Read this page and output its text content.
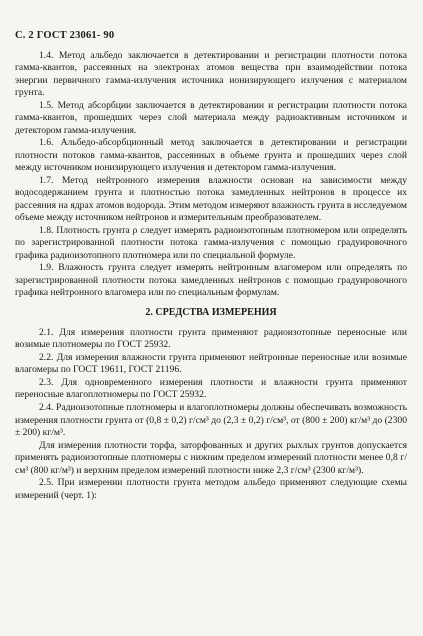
С. 2 ГОСТ 23061- 90

1.4. Метод альбедо заключается в детектировании и регистрации плотности потока гамма-квантов, рассеянных на электронах атомов вещества при взаимодействии потока энергии первичного гамма-излучения источника ионизирующего излучения с материалом грунта.

1.5. Метод абсорбции заключается в детектировании и регистрации плотности потока гамма-квантов, прошедших через слой материала между радиоактивным источником и детектором гамма-излучения.

1.6. Альбедо-абсорбционный метод заключается в детектировании и регистрации плотности потоков гамма-квантов, рассеянных в объеме грунта и прошедших через слой между источником ионизирующего излучения и детектором гамма-излучения.

1.7. Метод нейтронного измерения влажности основан на зависимости между водосодержанием грунта и плотностью потока замедленных нейтронов в процессе их рассеяния на ядрах атомов водорода. Этим методом измеряют влажность грунта в исследуемом объеме между источником нейтронов и измерительным преобразователем.

1.8. Плотность грунта ρ следует измерять радиоизотопным плотномером или определять по зарегистрированной плотности потока гамма-излучения с помощью градуировочного графика радиоизотопного плотномера или по специальной формуле.

1.9. Влажность грунта следует измерять нейтронным влагомером или определять по зарегистрированной плотности потока замедленных нейтронов с помощью градуировочного графика нейтронного влагомера или по специальным формулам.

2. СРЕДСТВА ИЗМЕРЕНИЯ

2.1. Для измерения плотности грунта применяют радиоизотопные переносные или возимые плотномеры по ГОСТ 25932.

2.2. Для измерения влажности грунта применяют нейтронные переносные или возимые влагомеры по ГОСТ 19611, ГОСТ 21196.

2.3. Для одновременного измерения плотности и влажности грунта применяют переносные влагоплотномеры по ГОСТ 25932.

2.4. Радиоизотопные плотномеры и влагоплотномеры должны обеспечивать возможность измерения плотности грунта от (0,8 ± 0,2) г/см³ до (2,3 ± 0,2) г/см³, от (800 ± 200) кг/м³ до (2300 ± 200) кг/м³.

Для измерения плотности торфа, заторфованных и других рыхлых грунтов допускается применять радиоизотопные плотномеры с нижним пределом измерений плотности менее 0,8 г/см³ (800 кг/м³) и верхним пределом измерений плотности ниже 2,3 г/см³ (2300 кг/м³).

2.5. При измерении плотности грунта методом альбедо применяют следующие схемы измерений (черт. 1):
